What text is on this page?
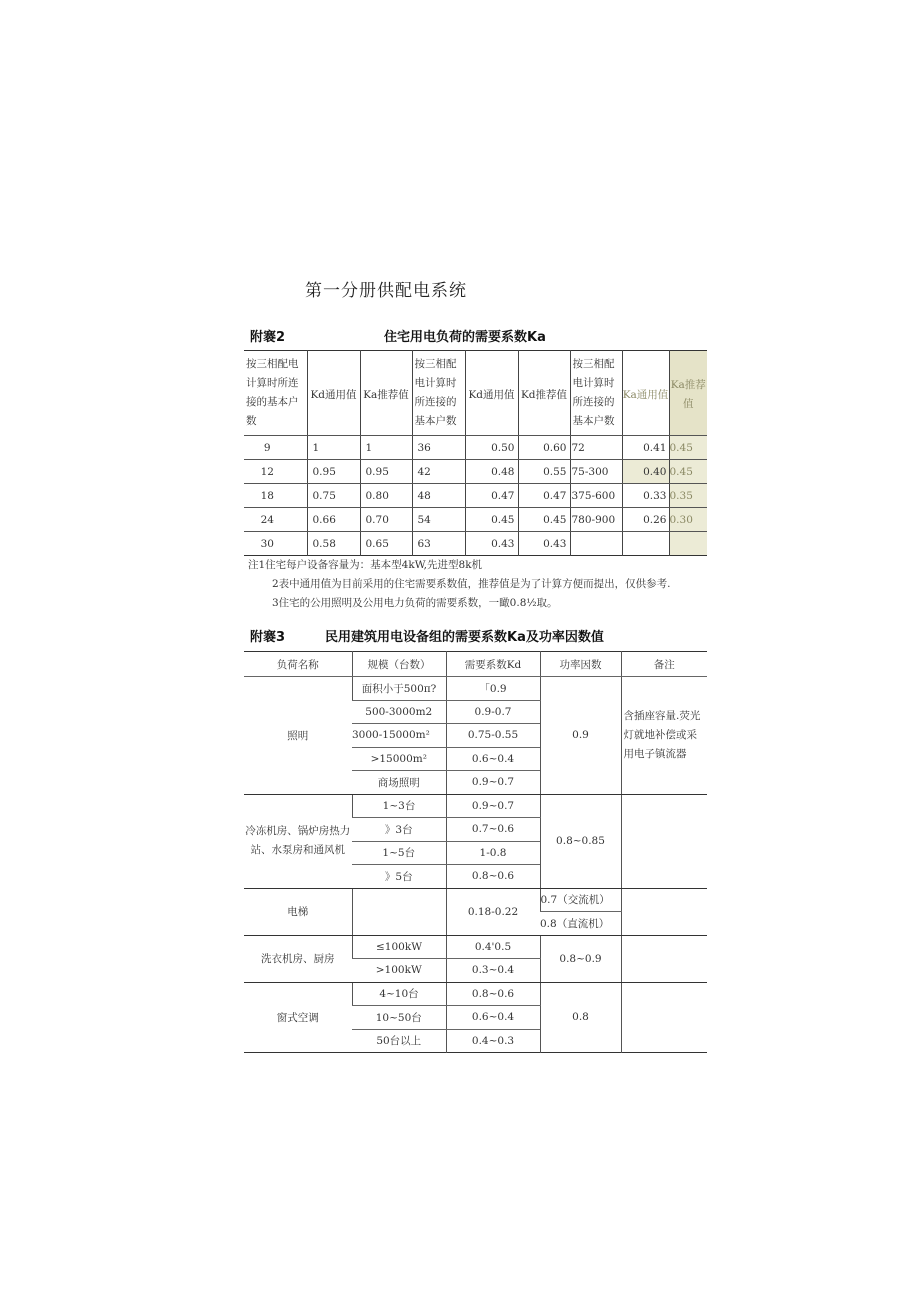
第一分册供配电系统
附褰2	住宅用电负荷的需要系数Ka
按三相配电计算时所连接的基本户数	Kd通用值	Ka推荐值	按三相配电计算时所连接的基本户数	Kd通用值	Kd推荐值	按三相配电计算时所连接的基本户数	Ka通用值	Ka推荐值
9	1	1	36	0.50	0.60	72	0.41	0.45
12	0.95	0.95	42	0.48	0.55	75-300	0.40	0.45
18	0.75	0.80	48	0.47	0.47	375-600	0.33	0.35
24	0.66	0.70	54	0.45	0.45	780-900	0.26	0.30
30	0.58	0.65	63	0.43	0.43			
注1住宅每户设备容量为：基本型4kW,先进型8k机
2表中通用值为目前采用的住宅需要系数值，推荐值是为了计算方便而提出，仅供参考.
3住宅的公用照明及公用电力负荷的需要系数，一瞰0.8½取。
附褰3	民用建筑用电设备组的需要系数Ka及功率因数值
负荷名称	规模（台数）	需要系数Kd	功率因数	备注
照明	面积小于500π?	「0.9	0.9	含插座容量.荧光灯就地补偿或采用电子镇流器
	500-3000m2	0.9-0.7		
	3000-15000m²	0.75-0.55		
	>15000m²	0.6~0.4		
	商场照明	0.9~0.7		
冷冻机房、锅炉房热力站、水泵房和通风机	1~3台	0.9~0.7	0.8~0.85	
	》3台	0.7~0.6		
	1~5台	1-0.8		
	》5台	0.8~0.6		
电梯		0.18-0.22	0.7（交流机）	
			0.8（直流机）	
洗衣机房、厨房	≤100kW	0.4'0.5	0.8~0.9	
	>100kW	0.3~0.4		
窗式空调	4~10台	0.8~0.6	0.8	
	10~50台	0.6~0.4		
	50台以上	0.4~0.3		
